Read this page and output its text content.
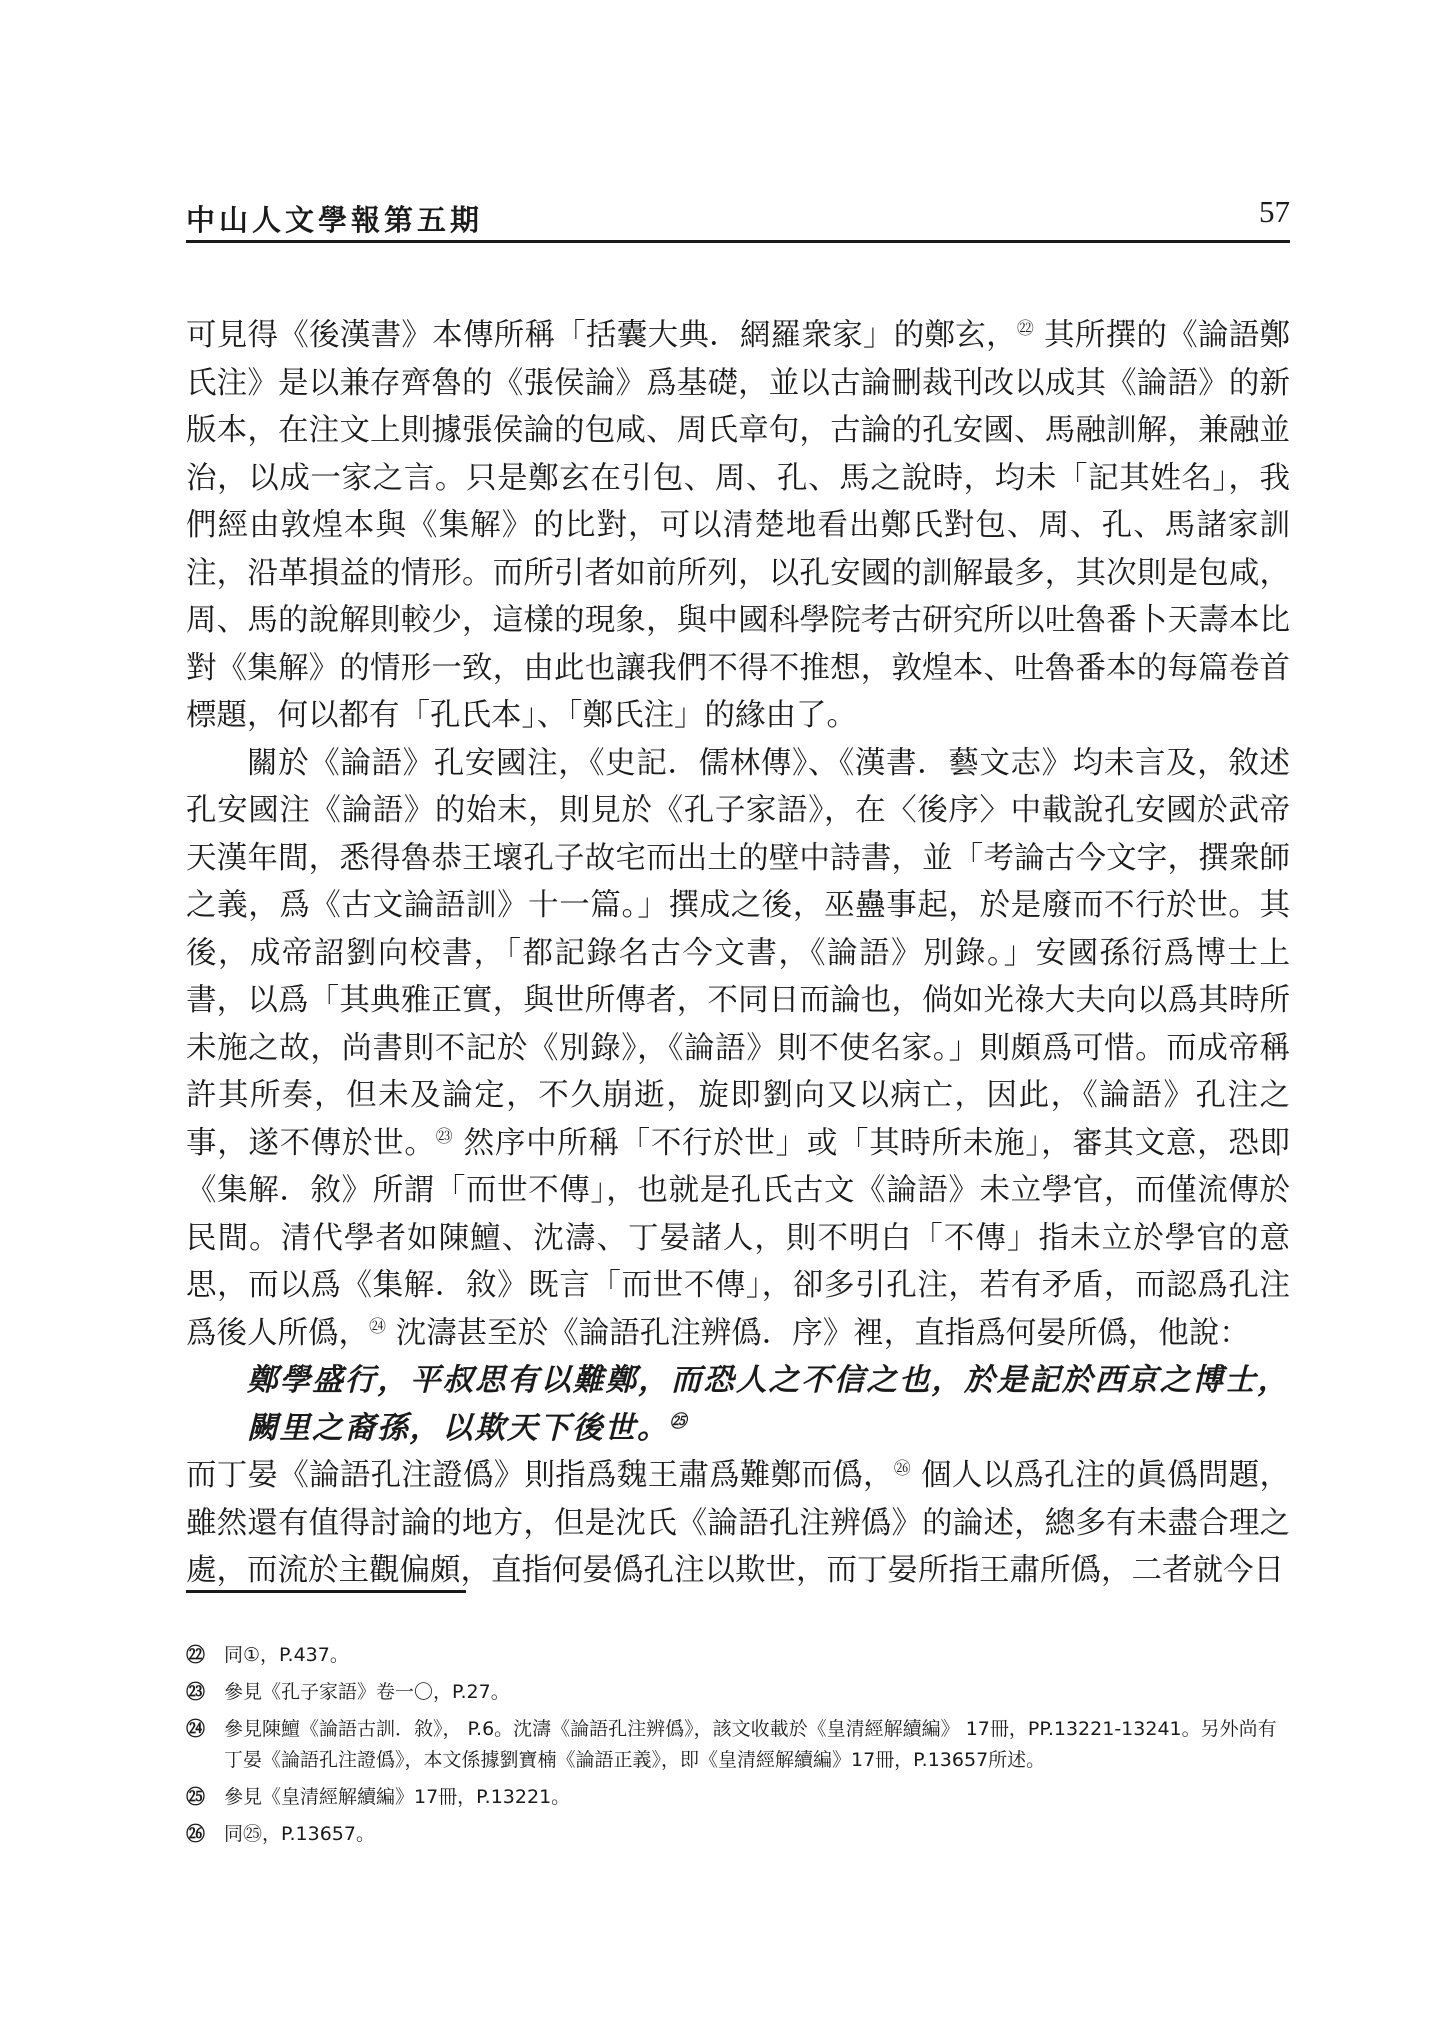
中山人文學報第五期	57

可見得《後漢書》本傳所稱「括囊大典．網羅衆家」的鄭玄，$^㉒$ 其所撰的《論語鄭氏注》是以兼存齊魯的《張侯論》爲基礎，並以古論刪裁刊改以成其《論語》的新版本，在注文上則據張侯論的包咸、周氏章句，古論的孔安國、馬融訓解，兼融並治，以成一家之言。只是鄭玄在引包、周、孔、馬之說時，均未「記其姓名」，我們經由敦煌本與《集解》的比對，可以清楚地看出鄭氏對包、周、孔、馬諸家訓注，沿革損益的情形。而所引者如前所列，以孔安國的訓解最多，其次則是包咸，周、馬的說解則較少，這樣的現象，與中國科學院考古研究所以吐魯番卜天壽本比對《集解》的情形一致，由此也讓我們不得不推想，敦煌本、吐魯番本的每篇卷首標題，何以都有「孔氏本」、「鄭氏注」的緣由了。

關於《論語》孔安國注，《史記．儒林傳》、《漢書．藝文志》均未言及，敘述孔安國注《論語》的始末，則見於《孔子家語》，在〈後序〉中載說孔安國於武帝天漢年間，悉得魯恭王壞孔子故宅而出土的壁中詩書，並「考論古今文字，撰衆師之義，爲《古文論語訓》十一篇。」撰成之後，巫蠱事起，於是廢而不行於世。其後，成帝詔劉向校書，「都記錄名古今文書，《論語》別錄。」安國孫衍爲博士上書，以爲「其典雅正實，與世所傳者，不同日而論也，倘如光祿大夫向以爲其時所未施之故，尚書則不記於《別錄》，《論語》則不使名家。」則頗爲可惜。而成帝稱許其所奏，但未及論定，不久崩逝，旋即劉向又以病亡，因此，《論語》孔注之事，遂不傳於世。$^㉓$ 然序中所稱「不行於世」或「其時所未施」，審其文意，恐即《集解．敘》所謂「而世不傳」，也就是孔氏古文《論語》未立學官，而僅流傳於民間。清代學者如陳鱣、沈濤、丁晏諸人，則不明白「不傳」指未立於學官的意思，而以爲《集解．敘》既言「而世不傳」，卻多引孔注，若有矛盾，而認爲孔注爲後人所僞，$^㉔$ 沈濤甚至於《論語孔注辨僞．序》裡，直指爲何晏所僞，他說：

鄭學盛行，平叔思有以難鄭，而恐人之不信之也，於是記於西京之博士，闕里之裔孫，以欺天下後世。$^㉕$

而丁晏《論語孔注證僞》則指爲魏王肅爲難鄭而僞，$^㉖$ 個人以爲孔注的眞僞問題，雖然還有值得討論的地方，但是沈氏《論語孔注辨僞》的論述，總多有未盡合理之處，而流於主觀偏頗，直指何晏僞孔注以欺世，而丁晏所指王肅所僞，二者就今日

㉒ 同①，P.437。
㉓ 參見《孔子家語》卷一〇，P.27。
㉔ 參見陳鱣《論語古訓．敘》， P.6。沈濤《論語孔注辨僞》，該文收載於《皇清經解續編》 17冊，PP.13221-13241。另外尚有丁晏《論語孔注證僞》，本文係據劉寶楠《論語正義》，即《皇清經解續編》17冊，P.13657所述。
㉕ 參見《皇清經解續編》17冊，P.13221。
㉖ 同㉕，P.13657。
